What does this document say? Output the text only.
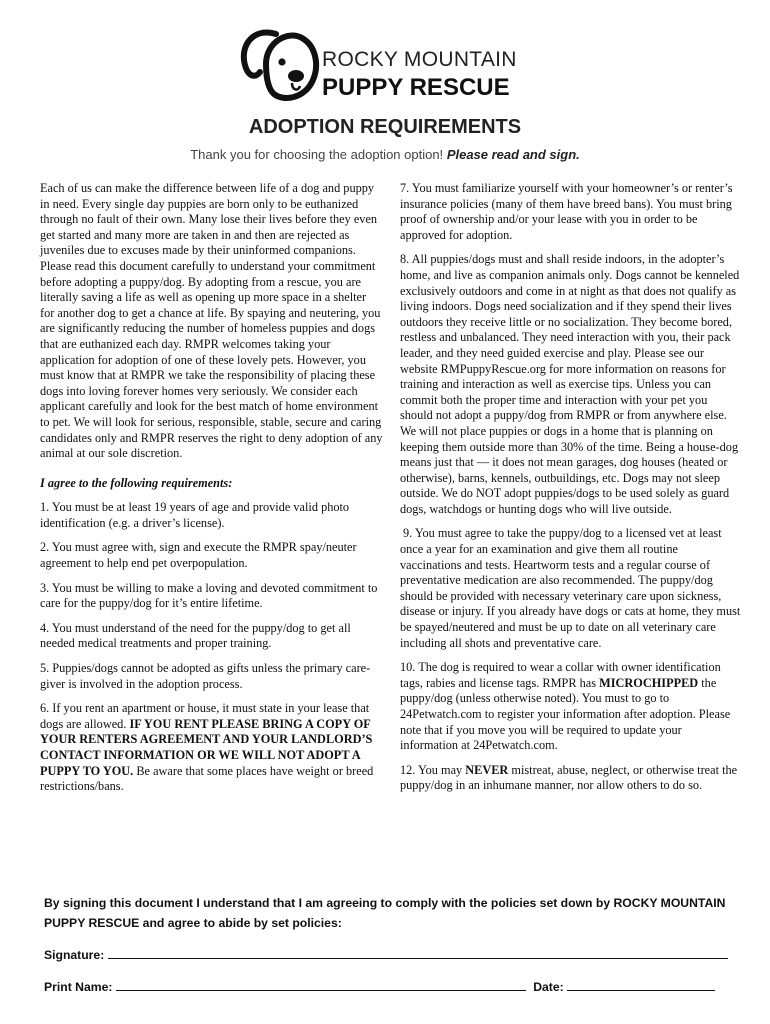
ROCKY MOUNTAIN
PUPPY RESCUE
ADOPTION REQUIREMENTS
Thank you for choosing the adoption option! Please read and sign.

Each of us can make the difference between life of a dog and puppy in need. Every single day puppies are born only to be euthanized through no fault of their own. Many lose their lives before they even get started and many more are taken in and then are rejected as juveniles due to excuses made by their uninformed companions. Please read this document carefully to understand your commitment before adopting a puppy/dog. By adopting from a rescue, you are literally saving a life as well as opening up more space in a shelter for another dog to get a chance at life. By spaying and neutering, you are significantly reducing the number of homeless puppies and dogs that are euthanized each day. RMPR welcomes taking your application for adoption of one of these lovely pets. However, you must know that at RMPR we take the responsibility of placing these dogs into loving forever homes very seriously. We consider each applicant carefully and look for the best match of home environment to pet. We will look for serious, responsible, stable, secure and caring candidates only and RMPR reserves the right to deny adoption of any animal at our sole discretion.

I agree to the following requirements:

1. You must be at least 19 years of age and provide valid photo identification (e.g. a driver’s license).

2. You must agree with, sign and execute the RMPR spay/neuter agreement to help end pet overpopulation.

3. You must be willing to make a loving and devoted commitment to care for the puppy/dog for it’s entire lifetime.

4. You must understand of the need for the puppy/dog to get all needed medical treatments and proper training.

5. Puppies/dogs cannot be adopted as gifts unless the primary care-giver is involved in the adoption process.

6. If you rent an apartment or house, it must state in your lease that dogs are allowed. IF YOU RENT PLEASE BRING A COPY OF YOUR RENTERS AGREEMENT AND YOUR LANDLORD’S CONTACT INFORMATION OR WE WILL NOT ADOPT A PUPPY TO YOU. Be aware that some places have weight or breed restrictions/bans.

7. You must familiarize yourself with your homeowner’s or renter’s insurance policies (many of them have breed bans). You must bring proof of ownership and/or your lease with you in order to be approved for adoption.

8. All puppies/dogs must and shall reside indoors, in the adopter’s home, and live as companion animals only. Dogs cannot be kenneled exclusively outdoors and come in at night as that does not qualify as living indoors. Dogs need socialization and if they spend their lives outdoors they receive little or no socialization. They become bored, restless and unbalanced. They need interaction with you, their pack leader, and they need guided exercise and play. Please see our website RMPuppyRescue.org for more information on reasons for training and interaction as well as exercise tips. Unless you can commit both the proper time and interaction with your pet you should not adopt a puppy/dog from RMPR or from anywhere else. We will not place puppies or dogs in a home that is planning on keeping them outside more than 30% of the time. Being a house-dog means just that — it does not mean garages, dog houses (heated or otherwise), barns, kennels, outbuildings, etc. Dogs may not sleep outside. We do NOT adopt puppies/dogs to be used solely as guard dogs, watchdogs or hunting dogs who will live outside.

9. You must agree to take the puppy/dog to a licensed vet at least once a year for an examination and give them all routine vaccinations and tests. Heartworm tests and a regular course of preventative medication are also recommended. The puppy/dog should be provided with necessary veterinary care upon sickness, disease or injury. If you already have dogs or cats at home, they must be spayed/neutered and must be up to date on all veterinary care including all shots and preventative care.

10. The dog is required to wear a collar with owner identification tags, rabies and license tags. RMPR has MICROCHIPPED the puppy/dog (unless otherwise noted). You must to go to 24Petwatch.com to register your information after adoption. Please note that if you move you will be required to update your information at 24Petwatch.com.

12. You may NEVER mistreat, abuse, neglect, or otherwise treat the puppy/dog in an inhumane manner, nor allow others to do so.

By signing this document I understand that I am agreeing to comply with the policies set down by ROCKY MOUNTAIN PUPPY RESCUE and agree to abide by set policies:
Signature:
Print Name:	Date:
